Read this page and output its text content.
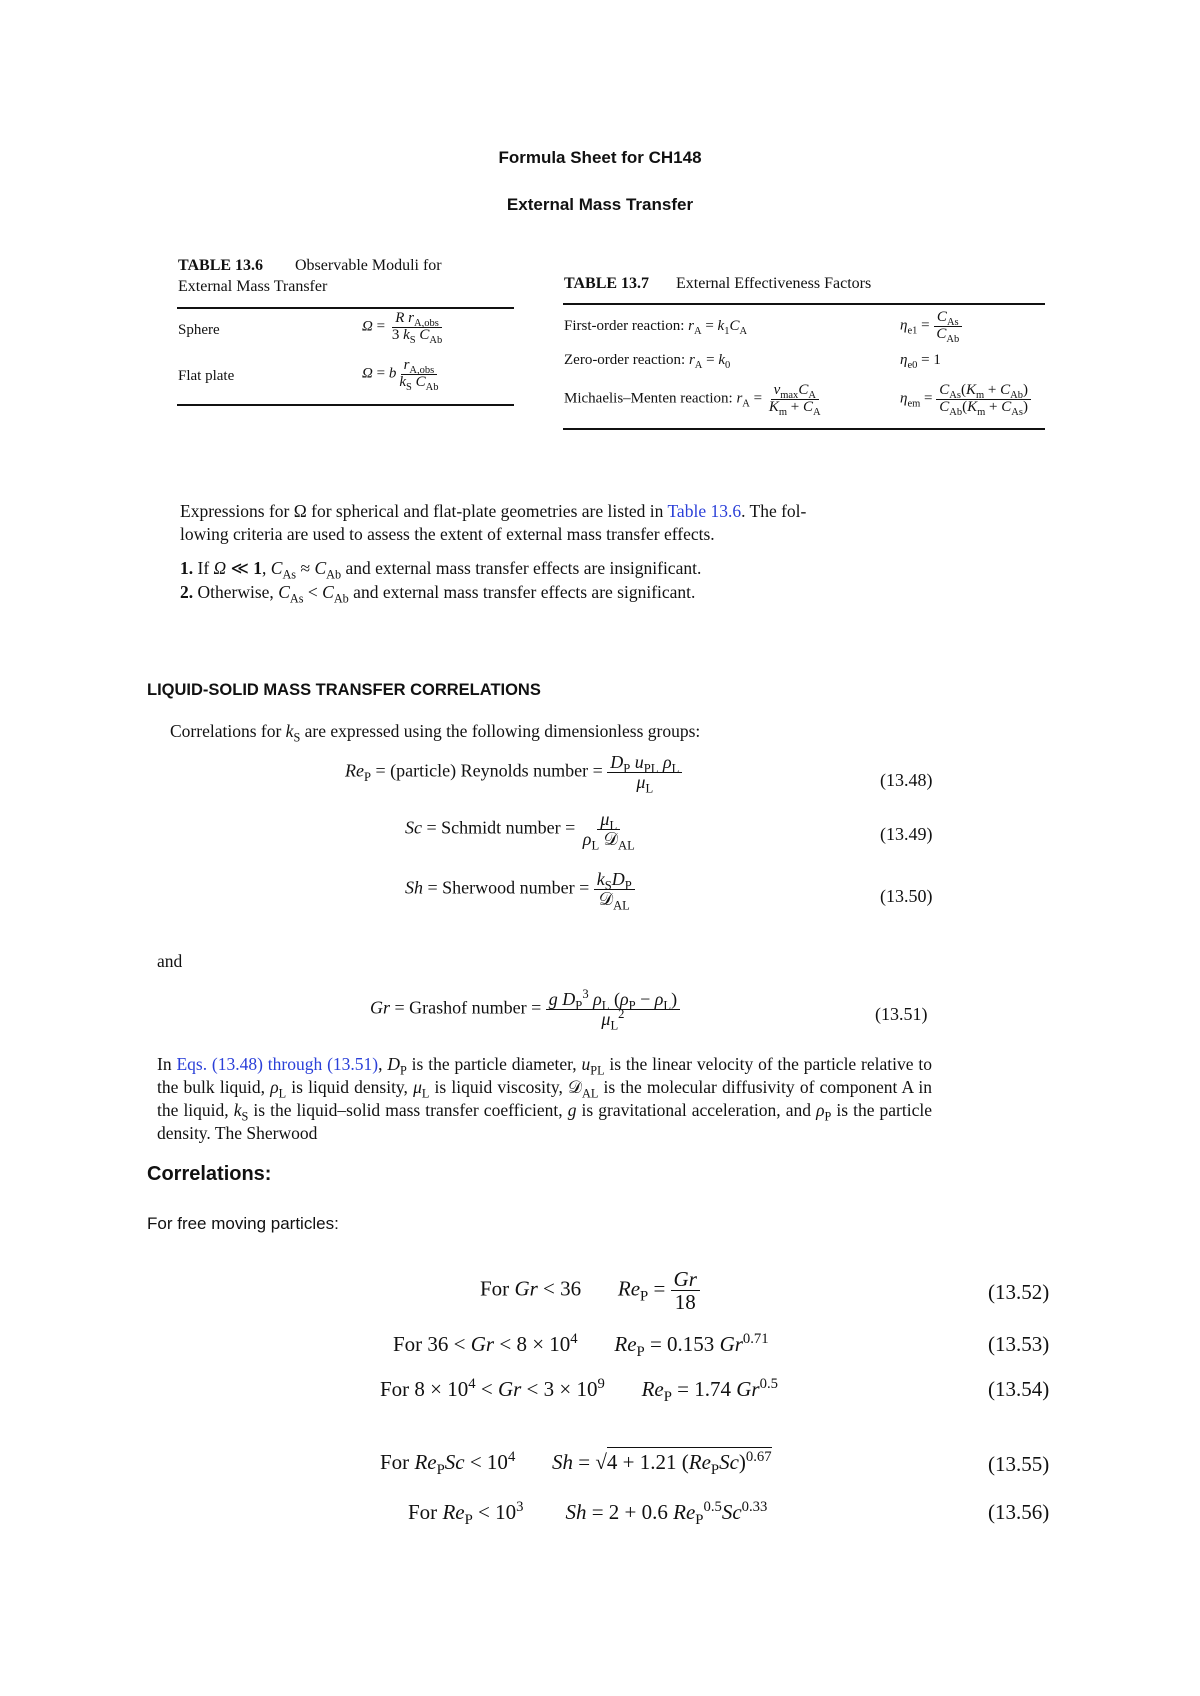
Formula Sheet for CH148
External Mass Transfer
TABLE 13.6 Observable Moduli for
External Mass Transfer
Sphere	$\Omega = \frac{R r_{A,obs}}{3 k_S C_{Ab}}$
Flat plate	Ω = b $\frac{r_{A,obs}}{k_S C_{Ab}}$
TABLE 13.7 External Effectiveness Factors
First-order reaction: $r_A = k_1C_A$	$\eta_{e1} = \frac{C_{As}}{C_{Ab}}$
Zero-order reaction: $r_A = k_0$	$\eta_{e0} = 1$
Michaelis–Menten reaction: $r_A = \frac{v_{max}C_A}{K_m + C_A}$	$\eta_{em} = \frac{C_{As}(K_m + C_{Ab})}{C_{Ab}(K_m + C_{As})}$
Expressions for Ω for spherical and flat-plate geometries are listed in Table 13.6. The fol-
lowing criteria are used to assess the extent of external mass transfer effects.
1. If Ω ≪ 1, $C_{As} \approx C_{Ab}$ and external mass transfer effects are insignificant.
2. Otherwise, $C_{As} < C_{Ab}$ and external mass transfer effects are significant.
LIQUID‑SOLID MASS TRANSFER CORRELATIONS
Correlations for $k_S$ are expressed using the following dimensionless groups:
$Re_P$ = (particle) Reynolds number = $\frac{D_P u_{PL} \rho_L}{\mu_L}$	(13.48)
Sc = Schmidt number = $\frac{\mu_L}{\rho_L 𝒟_{AL}}$	(13.49)
Sh = Sherwood number = $\frac{k_SD_P}{𝒟_{AL}}$	(13.50)
and
Gr = Grashof number = $\frac{g D_P^3 \rho_L (\rho_P - \rho_L)}{\mu_L^2}$	(13.51)
In Eqs. (13.48) through (13.51), $D_P$ is the particle diameter, $u_{PL}$ is the linear velocity of the particle relative to the bulk liquid, $\rho_L$ is liquid density, $\mu_L$ is liquid viscosity, 𝒟$_{AL}$ is the molecular diffusivity of component A in the liquid, $k_S$ is the liquid–solid mass transfer coefficient, g is gravitational acceleration, and $\rho_P$ is the particle density. The Sherwood
Correlations:
For free moving particles:
For Gr < 36       $Re_P = \frac{Gr}{18}$	(13.52)
For $36 < Gr < 8 \times 10^4$ $Re_P = 0.153$ $Gr^{0.71}$	(13.53)
For $8 \times 10^4 < Gr < 3 \times 10^9$ $Re_P = 1.74$ $Gr^{0.5}$	(13.54)
For $Re_PSc < 10^4$ Sh = √4 + 1.21 $(Re_PSc)^{0.67}$	(13.55)
For $Re_P < 10^3$ Sh = 2 + 0.6 $Re_P^{0.5}Sc^{0.33}$	(13.56)
